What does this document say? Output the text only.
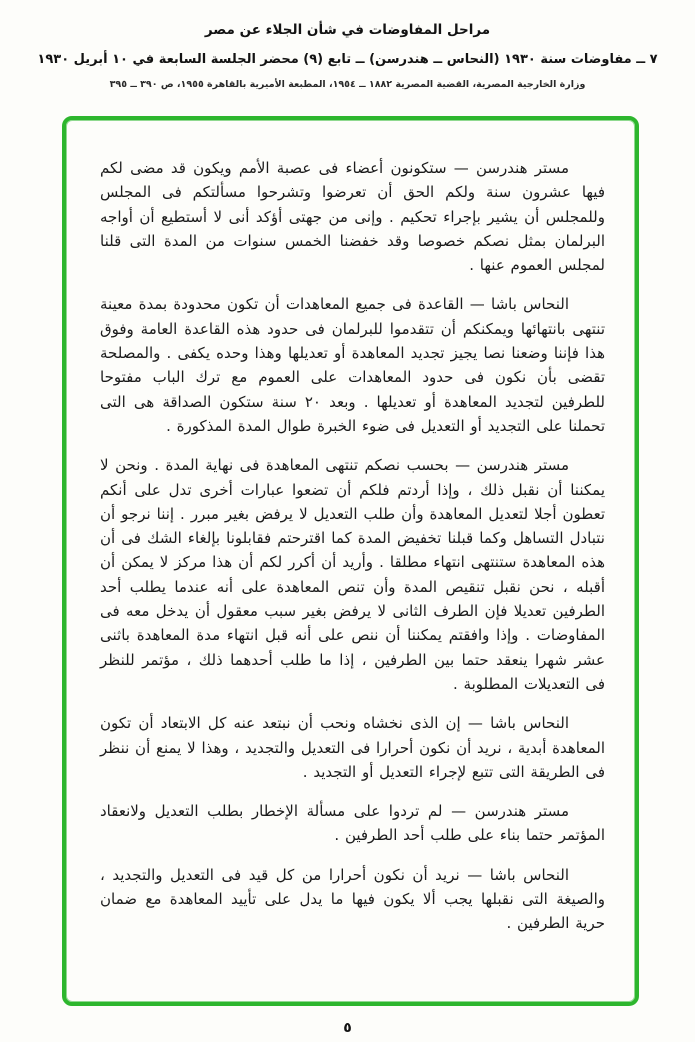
مراحل المفاوضات في شأن الجلاء عن مصر
٧ ــ مفاوضات سنة ١٩٣٠ (النحاس ــ هندرسن) ــ تابع (٩) محضر الجلسة السابعة في ١٠ أبريل ١٩٣٠
وزارة الخارجية المصرية، القضية المصرية ١٨٨٢ ــ ١٩٥٤، المطبعة الأميرية بالقاهرة ١٩٥٥، ص ٣٩٠ ــ ٣٩٥

مستر هندرسن — ستكونون أعضاء فى عصبة الأمم ويكون قد مضى لكم فيها عشرون سنة ولكم الحق أن تعرضوا وتشرحوا مسألتكم فى المجلس وللمجلس أن يشير بإجراء تحكيم . وإنى من جهتى أؤكد أنى لا أستطيع أن أواجه البرلمان بمثل نصكم خصوصا وقد خفضنا الخمس سنوات من المدة التى قلنا لمجلس العموم عنها .

النحاس باشا — القاعدة فى جميع المعاهدات أن تكون محدودة بمدة معينة تنتهى بانتهائها ويمكنكم أن تتقدموا للبرلمان فى حدود هذه القاعدة العامة وفوق هذا فإننا وضعنا نصا يجيز تجديد المعاهدة أو تعديلها وهذا وحده يكفى . والمصلحة تقضى بأن نكون فى حدود المعاهدات على العموم مع ترك الباب مفتوحا للطرفين لتجديد المعاهدة أو تعديلها . وبعد ٢٠ سنة ستكون الصداقة هى التى تحملنا على التجديد أو التعديل فى ضوء الخبرة طوال المدة المذكورة .

مستر هندرسن — بحسب نصكم تنتهى المعاهدة فى نهاية المدة . ونحن لا يمكننا أن نقبل ذلك ، وإذا أردتم فلكم أن تضعوا عبارات أخرى تدل على أنكم تعطون أجلا لتعديل المعاهدة وأن طلب التعديل لا يرفض بغير مبرر . إننا نرجو أن نتبادل التساهل وكما قبلنا تخفيض المدة كما اقترحتم فقابلونا بإلغاء الشك فى أن هذه المعاهدة ستنتهى انتهاء مطلقا . وأريد أن أكرر لكم أن هذا مركز لا يمكن أن أقبله ، نحن نقبل تنقيص المدة وأن تنص المعاهدة على أنه عندما يطلب أحد الطرفين تعديلا فإن الطرف الثانى لا يرفض بغير سبب معقول أن يدخل معه فى المفاوضات . وإذا وافقتم يمكننا أن ننص على أنه قبل انتهاء مدة المعاهدة باثنى عشر شهرا ينعقد حتما بين الطرفين ، إذا ما طلب أحدهما ذلك ، مؤتمر للنظر فى التعديلات المطلوبة .

النحاس باشا — إن الذى نخشاه ونحب أن نبتعد عنه كل الابتعاد أن تكون المعاهدة أبدية ، نريد أن نكون أحرارا فى التعديل والتجديد ، وهذا لا يمنع أن ننظر فى الطريقة التى تتبع لإجراء التعديل أو التجديد .

مستر هندرسن — لم تردوا على مسألة الإخطار بطلب التعديل ولانعقاد المؤتمر حتما بناء على طلب أحد الطرفين .

النحاس باشا — نريد أن نكون أحرارا من كل قيد فى التعديل والتجديد ، والصيغة التى نقبلها يجب ألا يكون فيها ما يدل على تأييد المعاهدة مع ضمان حرية الطرفين .

٥
